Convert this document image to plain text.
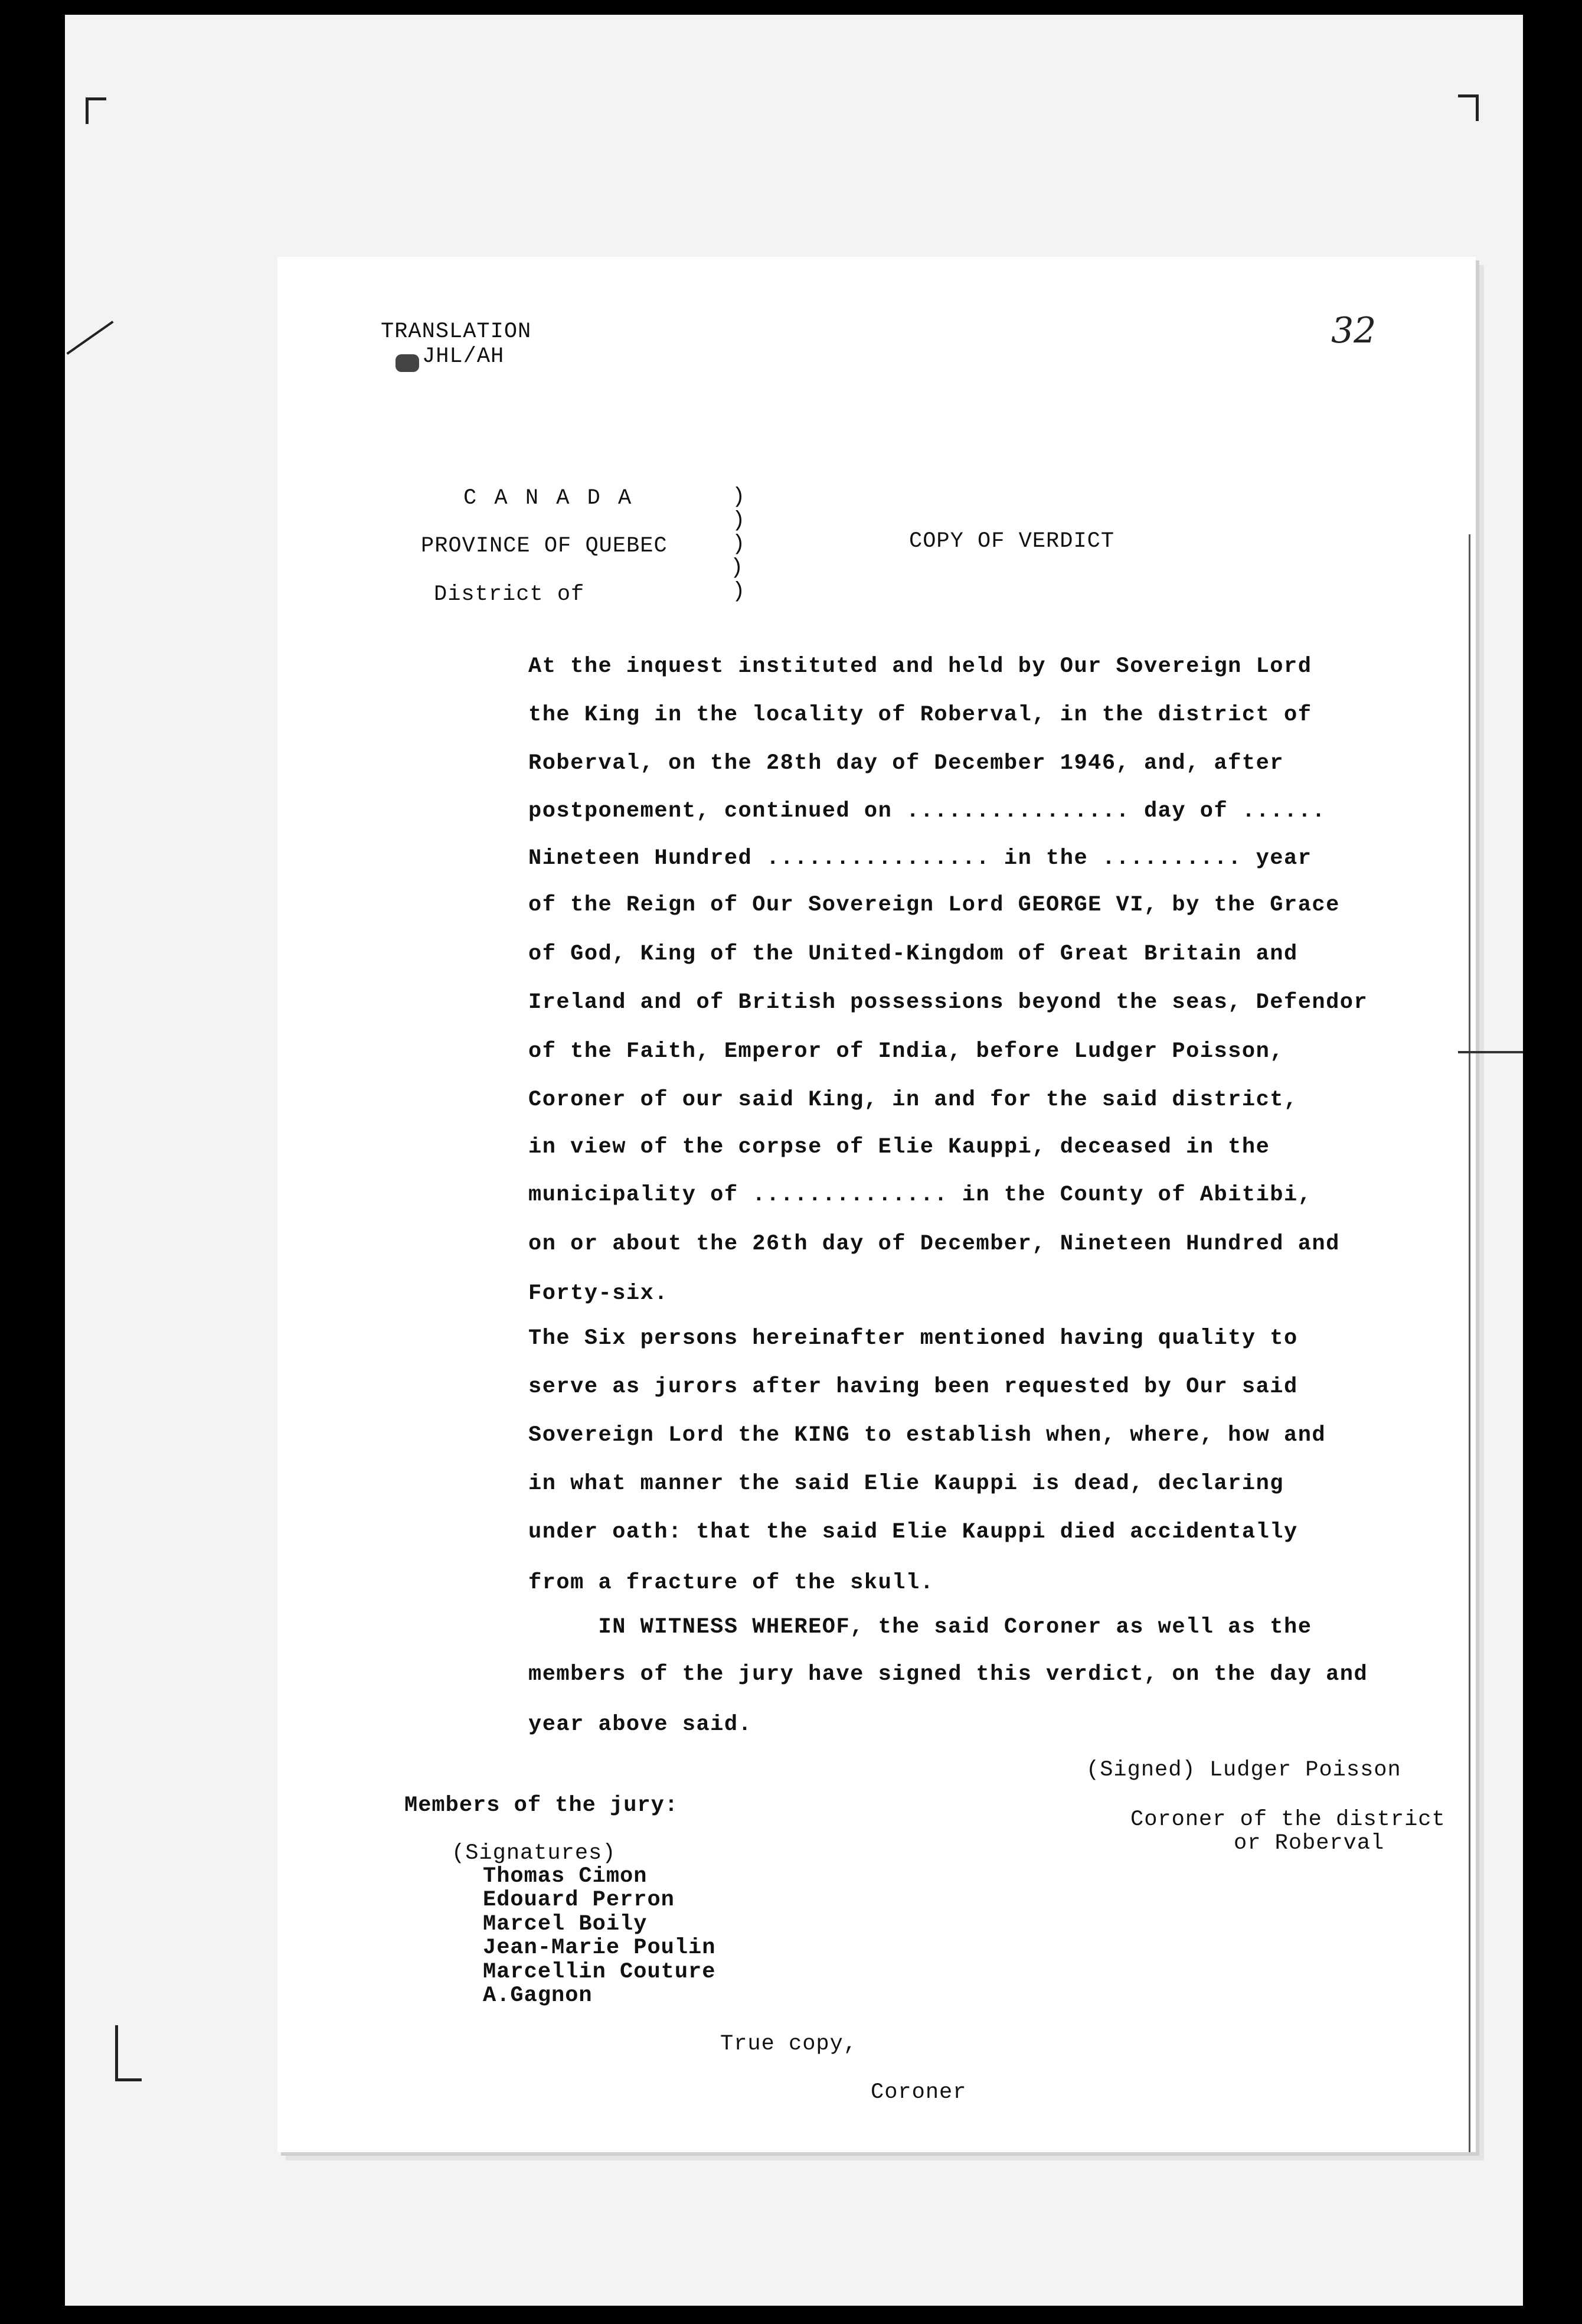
TRANSLATION
JHL/AH
32
C A N A D A
PROVINCE OF QUEBEC
District of
)
)
)
)
)
COPY OF VERDICT
At the inquest instituted and held by Our Sovereign Lord
the King in the locality of Roberval, in the district of
Roberval, on the 28th day of December 1946, and, after
postponement, continued on ................ day of ......
Nineteen Hundred ................ in the .......... year
of the Reign of Our Sovereign Lord GEORGE VI, by the Grace
of God, King of the United-Kingdom of Great Britain and
Ireland and of British possessions beyond the seas, Defendor
of the Faith, Emperor of India, before Ludger Poisson,
Coroner of our said King, in and for the said district,
in view of the corpse of Elie Kauppi, deceased in the
municipality of .............. in the County of Abitibi,
on or about the 26th day of December, Nineteen Hundred and
Forty-six.
The Six persons hereinafter mentioned having quality to
serve as jurors after having been requested by Our said
Sovereign Lord the KING to establish when, where, how and
in what manner the said Elie Kauppi is dead, declaring
under oath: that the said Elie Kauppi died accidentally
from a fracture of the skull.
IN WITNESS WHEREOF, the said Coroner as well as the
members of the jury have signed this verdict, on the day and
year above said.
(Signed) Ludger Poisson
Coroner of the district
or Roberval
Members of the jury:
(Signatures)
Thomas Cimon
Edouard Perron
Marcel Boily
Jean-Marie Poulin
Marcellin Couture
A.Gagnon
True copy,
Coroner
